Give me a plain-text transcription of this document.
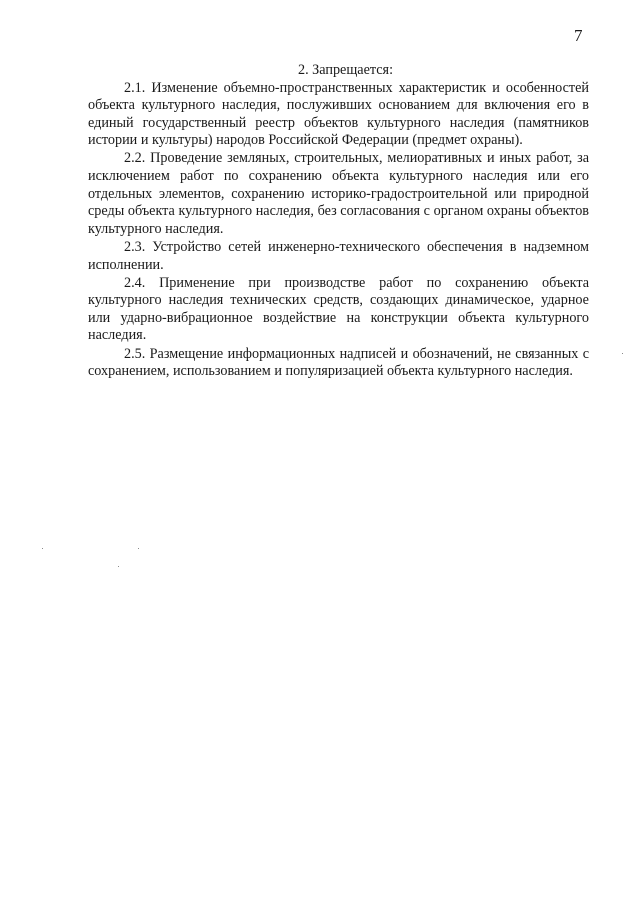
7

2. Запрещается:

2.1. Изменение объемно-пространственных характеристик и особенностей объекта культурного наследия, послуживших основанием для включения его в единый государственный реестр объектов культурного наследия (памятников истории и культуры) народов Российской Федерации (предмет охраны).

2.2. Проведение земляных, строительных, мелиоративных и иных работ, за исключением работ по сохранению объекта культурного наследия или его отдельных элементов, сохранению историко-градостроительной или природной среды объекта культурного наследия, без согласования с органом охраны объектов культурного наследия.

2.3. Устройство сетей инженерно-технического обеспечения в надземном исполнении.

2.4. Применение при производстве работ по сохранению объекта культурного наследия технических средств, создающих динамическое, ударное или ударно-вибрационное воздействие на конструкции объекта культурного наследия.

2.5. Размещение информационных надписей и обозначений, не связанных с сохранением, использованием и популяризацией объекта культурного наследия.
